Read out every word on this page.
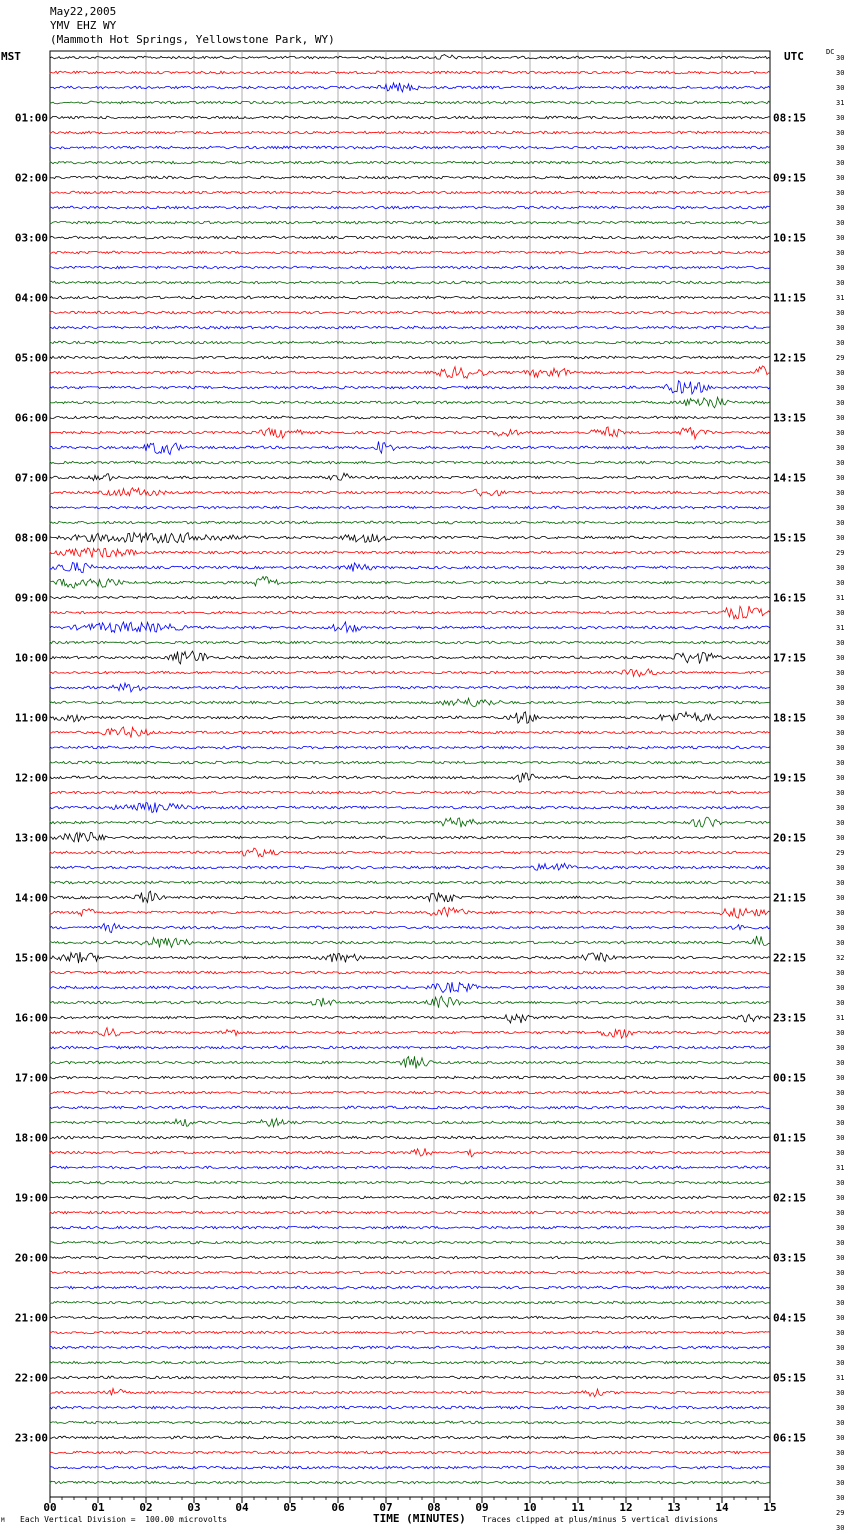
May22,2005
YMV EHZ WY
(Mammoth Hot Springs, Yellowstone Park, WY)
MST	UTC	DC
01:00
02:00
03:00
04:00
05:00
06:00
07:00
08:00
09:00
10:00
11:00
12:00
13:00
14:00
15:00
16:00
17:00
18:00
19:00
20:00
21:00
22:00
23:00
08:15
09:15
10:15
11:15
12:15
13:15
14:15
15:15
16:15
17:15
18:15
19:15
20:15
21:15
22:15
23:15
00:15
01:15
02:15
03:15
04:15
05:15
06:15
30
30
30
31
30
30
30
30
30
30
30
30
30
30
30
30
31
30
30
30
29
30
30
30
30
30
30
30
30
30
30
30
30
29
30
30
31
30
31
30
30
30
30
30
30
30
30
30
30
30
30
30
30
29
30
30
30
30
30
30
32
30
30
30
31
30
30
30
30
30
30
30
30
30
31
30
30
30
30
30
30
30
30
30
30
30
30
30
31
30
30
30
30
30
30
30
30
29
30
00	01	02	03	04	05	06	07	08	09	10	11	12	13	14	15
M Each Vertical Division =  100.00 microvolts	TIME (MINUTES) Traces clipped at plus/minus 5 vertical divisions
